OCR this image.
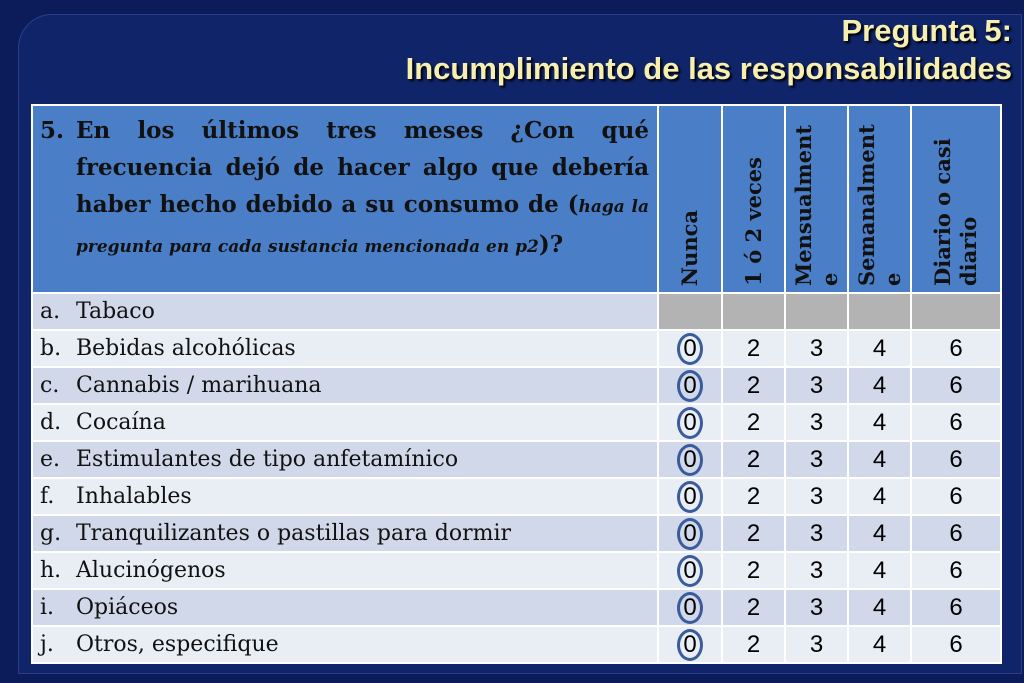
Pregunta 5:
Incumplimiento de las responsabilidades
5. En los últimos tres meses ¿Con qué frecuencia dejó de hacer algo que debería haber hecho debido a su consumo de (haga la pregunta para cada sustancia mencionada en p2)?	Nunca	1 ó 2 veces	Mensualment e	Semanalment e	Diario o casi diario

a. Tabaco					

b. Bebidas alcohólicas	0	2	3	4	6

c. Cannabis / marihuana	0	2	3	4	6

d. Cocaína	0	2	3	4	6

e. Estimulantes de tipo anfetamínico	0	2	3	4	6

f. Inhalables	0	2	3	4	6

g. Tranquilizantes o pastillas para dormir	0	2	3	4	6

h. Alucinógenos	0	2	3	4	6

i. Opiáceos	0	2	3	4	6

j. Otros, especifique	0	2	3	4	6
